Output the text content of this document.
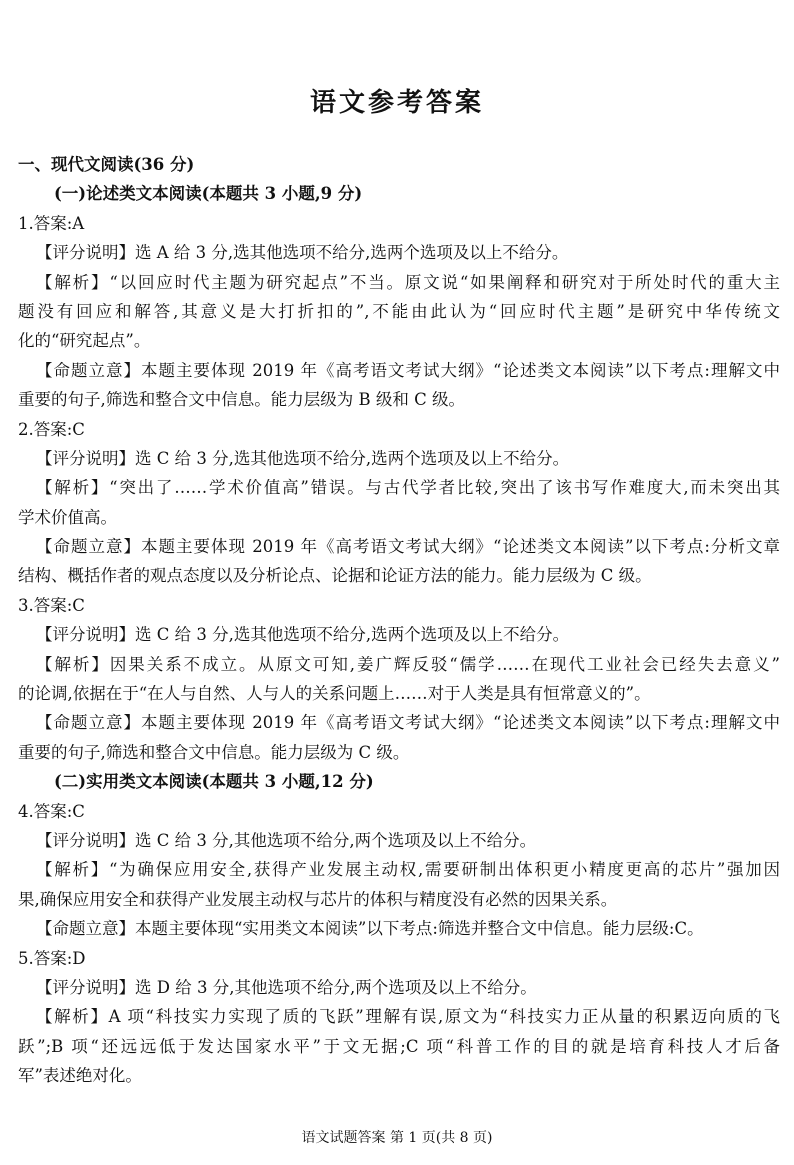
语文参考答案
一、现代文阅读(36 分)
(一)论述类文本阅读(本题共 3 小题,9 分)
1.答案:A
【评分说明】选 A 给 3 分,选其他选项不给分,选两个选项及以上不给分。
【解析】“以回应时代主题为研究起点”不当。原文说“如果阐释和研究对于所处时代的重大主
题没有回应和解答,其意义是大打折扣的”,不能由此认为“回应时代主题”是研究中华传统文
化的“研究起点”。
【命题立意】本题主要体现 2019 年《高考语文考试大纲》“论述类文本阅读”以下考点:理解文中
重要的句子,筛选和整合文中信息。能力层级为 B 级和 C 级。
2.答案:C
【评分说明】选 C 给 3 分,选其他选项不给分,选两个选项及以上不给分。
【解析】“突出了……学术价值高”错误。与古代学者比较,突出了该书写作难度大,而未突出其
学术价值高。
【命题立意】本题主要体现 2019 年《高考语文考试大纲》“论述类文本阅读”以下考点:分析文章
结构、概括作者的观点态度以及分析论点、论据和论证方法的能力。能力层级为 C 级。
3.答案:C
【评分说明】选 C 给 3 分,选其他选项不给分,选两个选项及以上不给分。
【解析】因果关系不成立。从原文可知,姜广辉反驳“儒学……在现代工业社会已经失去意义”
的论调,依据在于“在人与自然、人与人的关系问题上……对于人类是具有恒常意义的”。
【命题立意】本题主要体现 2019 年《高考语文考试大纲》“论述类文本阅读”以下考点:理解文中
重要的句子,筛选和整合文中信息。能力层级为 C 级。
(二)实用类文本阅读(本题共 3 小题,12 分)
4.答案:C
【评分说明】选 C 给 3 分,其他选项不给分,两个选项及以上不给分。
【解析】“为确保应用安全,获得产业发展主动权,需要研制出体积更小精度更高的芯片”强加因
果,确保应用安全和获得产业发展主动权与芯片的体积与精度没有必然的因果关系。
【命题立意】本题主要体现“实用类文本阅读”以下考点:筛选并整合文中信息。能力层级:C。
5.答案:D
【评分说明】选 D 给 3 分,其他选项不给分,两个选项及以上不给分。
【解析】A 项“科技实力实现了质的飞跃”理解有误,原文为“科技实力正从量的积累迈向质的飞
跃”;B 项“还远远低于发达国家水平”于文无据;C 项“科普工作的目的就是培育科技人才后备
军”表述绝对化。
语文试题答案 第 1 页(共 8 页)
